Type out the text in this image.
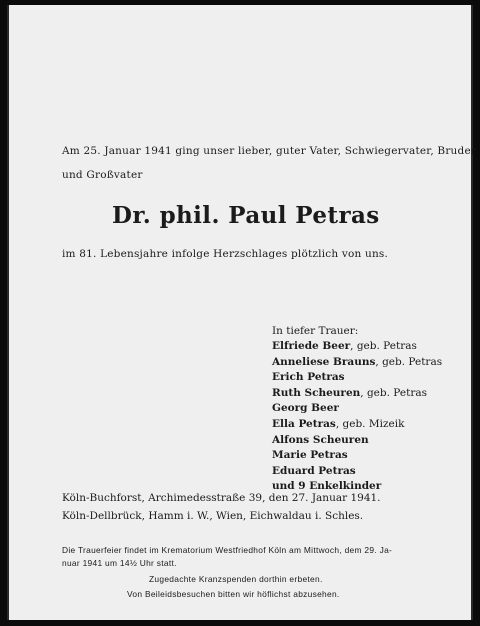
Am 25. Januar 1941 ging unser lieber, guter Vater, Schwiegervater, Bruder
und Großvater
Dr. phil. Paul Petras
im 81. Lebensjahre infolge Herzschlages plötzlich von uns.
In tiefer Trauer:
Elfriede Beer, geb. Petras
Anneliese Brauns, geb. Petras
Erich Petras
Ruth Scheuren, geb. Petras
Georg Beer
Ella Petras, geb. Mizeik
Alfons Scheuren
Marie Petras
Eduard Petras
und 9 Enkelkinder
Köln-Buchforst, Archimedesstraße 39, den 27. Januar 1941.
Köln-Dellbrück, Hamm i. W., Wien, Eichwaldau i. Schles.
Die Trauerfeier findet im Krematorium Westfriedhof Köln am Mittwoch, dem 29. Ja-
nuar 1941 um 14½ Uhr statt.
Zugedachte Kranzspenden dorthin erbeten.
Von Beileidsbesuchen bitten wir höflichst abzusehen.
